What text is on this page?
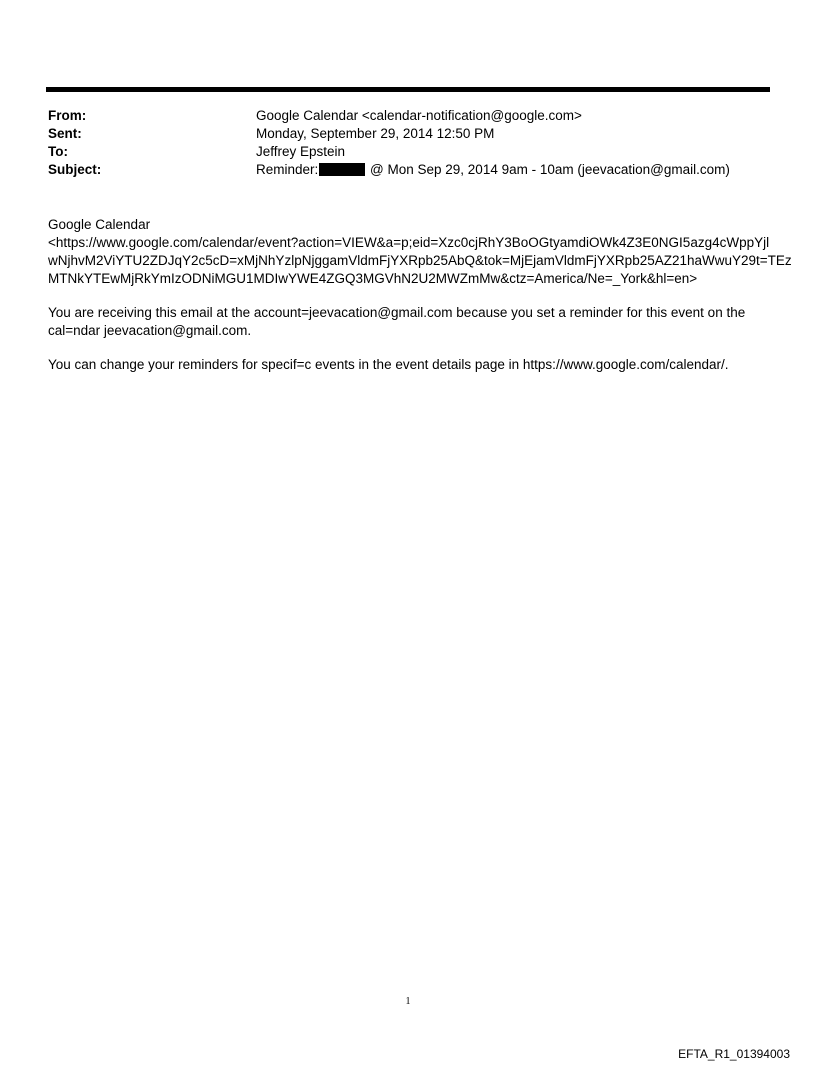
From:	Google Calendar <calendar-notification@google.com>
Sent:	Monday, September 29, 2014 12:50 PM
To:	Jeffrey Epstein
Subject:	Reminder:	@ Mon Sep 29, 2014 9am - 10am (jeevacation@gmail.com)

Google Calendar
<https://www.google.com/calendar/event?action=VIEW&a=p;eid=Xzc0cjRhY3BoOGtyamdiOWk4Z3E0NGI5azg4cWppYjl
wNjhvM2ViYTU2ZDJqY2c5cD=xMjNhYzlpNjggamVldmFjYXRpb25AbQ&tok=MjEjamVldmFjYXRpb25AZ21haWwuY29t=TEz
MTNkYTEwMjRkYmIzODNiMGU1MDIwYWE4ZGQ3MGVhN2U2MWZmMw&ctz=America/Ne=_York&hl=en>

You are receiving this email at the account=jeevacation@gmail.com because you set a reminder for this event on the
cal=ndar jeevacation@gmail.com.

You can change your reminders for specif=c events in the event details page in https://www.google.com/calendar/.

1
EFTA_R1_01394003
